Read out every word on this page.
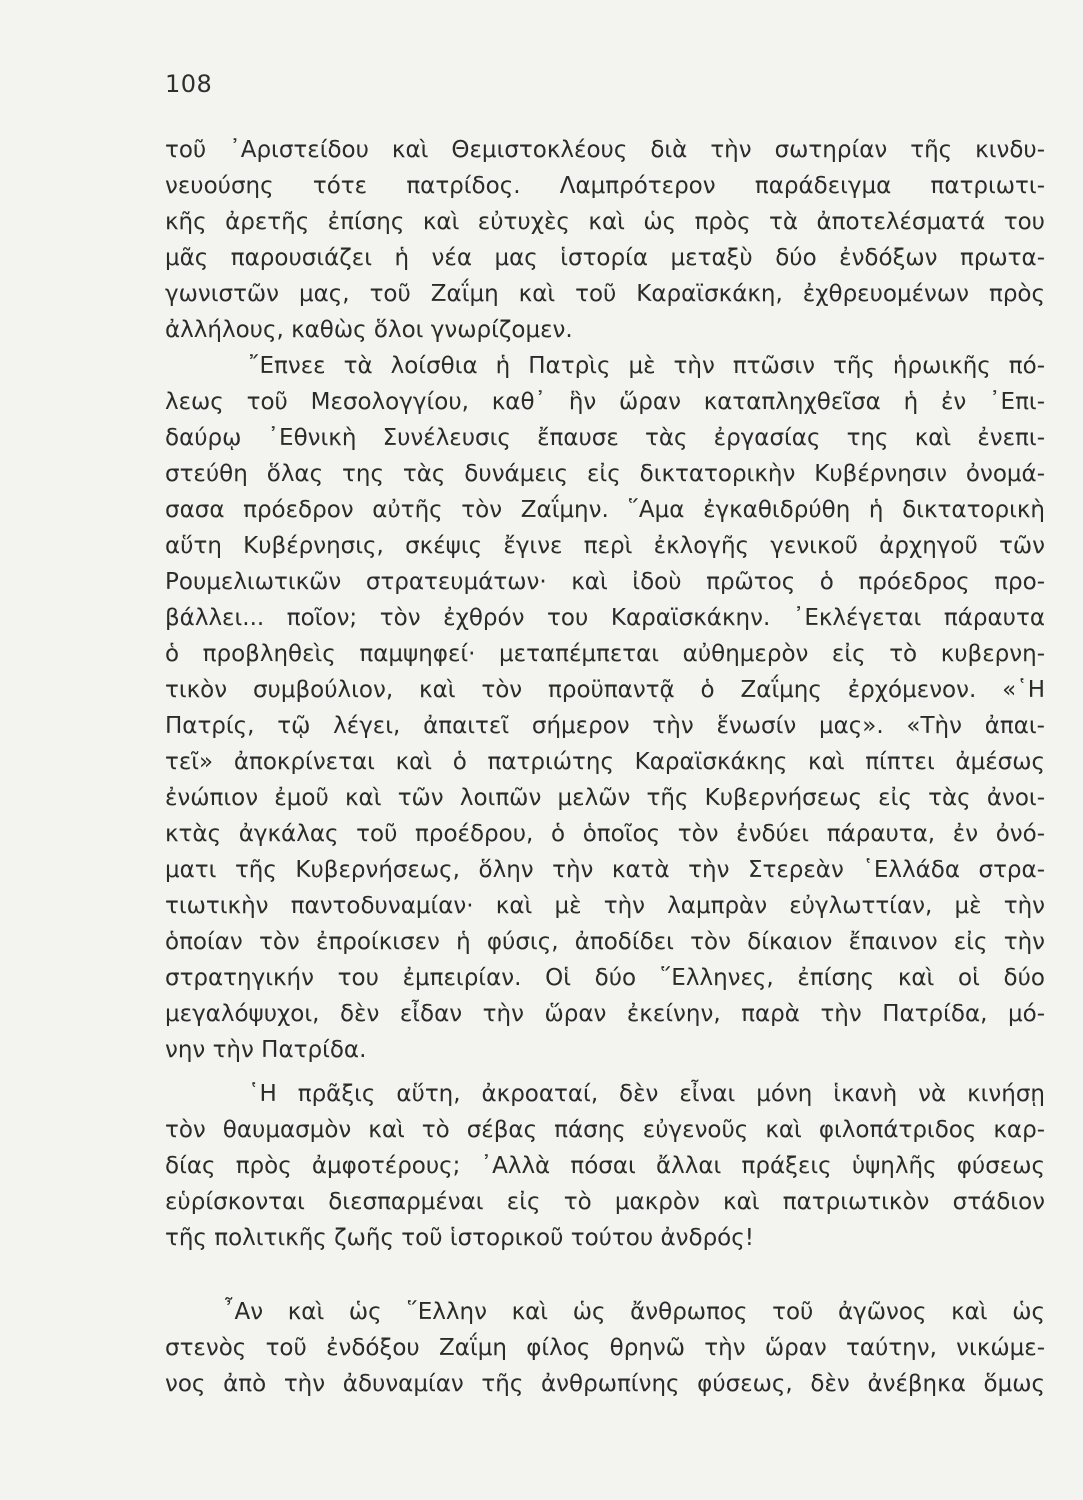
108
τοῦ ᾿Αριστείδου καὶ Θεμιστοκλέους διὰ τὴν σωτηρίαν τῆς κινδυ-
νευούσης τότε πατρίδος. Λαμπρότερον παράδειγμα πατριωτι-
κῆς ἀρετῆς ἐπίσης καὶ εὐτυχὲς καὶ ὡς πρὸς τὰ ἀποτελέσματά του
μᾶς παρουσιάζει ἡ νέα μας ἱστορία μεταξὺ δύο ἐνδόξων πρωτα-
γωνιστῶν μας, τοῦ Ζαΐμη καὶ τοῦ Καραϊσκάκη, ἐχθρευομένων πρὸς
ἀλλήλους, καθὼς ὅλοι γνωρίζομεν.
῎Επνεε τὰ λοίσθια ἡ Πατρὶς μὲ τὴν πτῶσιν τῆς ἡρωικῆς πό-
λεως τοῦ Μεσολογγίου, καθ᾿ ἣν ὥραν καταπληχθεῖσα ἡ ἐν ᾿Επι-
δαύρῳ ᾿Εθνικὴ Συνέλευσις ἔπαυσε τὰς ἐργασίας της καὶ ἐνεπι-
στεύθη ὅλας της τὰς δυνάμεις εἰς δικτατορικὴν Κυβέρνησιν ὀνομά-
σασα πρόεδρον αὐτῆς τὸν Ζαΐμην. ῞Αμα ἐγκαθιδρύθη ἡ δικτατορικὴ
αὕτη Κυβέρνησις, σκέψις ἔγινε περὶ ἐκλογῆς γενικοῦ ἀρχηγοῦ τῶν
Ρουμελιωτικῶν στρατευμάτων· καὶ ἰδοὺ πρῶτος ὁ πρόεδρος προ-
βάλλει... ποῖον; τὸν ἐχθρόν του Καραϊσκάκην. ᾿Εκλέγεται πάραυτα
ὁ προβληθεὶς παμψηφεί· μεταπέμπεται αὐθημερὸν εἰς τὸ κυβερνη-
τικὸν συμβούλιον, καὶ τὸν προϋπαντᾷ ὁ Ζαΐμης ἐρχόμενον. «῾Η
Πατρίς, τῷ λέγει, ἀπαιτεῖ σήμερον τὴν ἕνωσίν μας». «Τὴν ἀπαι-
τεῖ» ἀποκρίνεται καὶ ὁ πατριώτης Καραϊσκάκης καὶ πίπτει ἀμέσως
ἐνώπιον ἐμοῦ καὶ τῶν λοιπῶν μελῶν τῆς Κυβερνήσεως εἰς τὰς ἀνοι-
κτὰς ἀγκάλας τοῦ προέδρου, ὁ ὁποῖος τὸν ἐνδύει πάραυτα, ἐν ὀνό-
ματι τῆς Κυβερνήσεως, ὅλην τὴν κατὰ τὴν Στερεὰν ῾Ελλάδα στρα-
τιωτικὴν παντοδυναμίαν· καὶ μὲ τὴν λαμπρὰν εὐγλωττίαν, μὲ τὴν
ὁποίαν τὸν ἐπροίκισεν ἡ φύσις, ἀποδίδει τὸν δίκαιον ἔπαινον εἰς τὴν
στρατηγικήν του ἐμπειρίαν. Οἱ δύο ῞Ελληνες, ἐπίσης καὶ οἱ δύο
μεγαλόψυχοι, δὲν εἶδαν τὴν ὥραν ἐκείνην, παρὰ τὴν Πατρίδα, μό-
νην τὴν Πατρίδα.
῾Η πρᾶξις αὕτη, ἀκροαταί, δὲν εἶναι μόνη ἱκανὴ νὰ κινήσῃ
τὸν θαυμασμὸν καὶ τὸ σέβας πάσης εὐγενοῦς καὶ φιλοπάτριδος καρ-
δίας πρὸς ἀμφοτέρους; ᾿Αλλὰ πόσαι ἄλλαι πράξεις ὑψηλῆς φύσεως
εὑρίσκονται διεσπαρμέναι εἰς τὸ μακρὸν καὶ πατριωτικὸν στάδιον
τῆς πολιτικῆς ζωῆς τοῦ ἱστορικοῦ τούτου ἀνδρός!
῏Αν καὶ ὡς ῞Ελλην καὶ ὡς ἄνθρωπος τοῦ ἀγῶνος καὶ ὡς
στενὸς τοῦ ἐνδόξου Ζαΐμη φίλος θρηνῶ τὴν ὥραν ταύτην, νικώμε-
νος ἀπὸ τὴν ἀδυναμίαν τῆς ἀνθρωπίνης φύσεως, δὲν ἀνέβηκα ὅμως
